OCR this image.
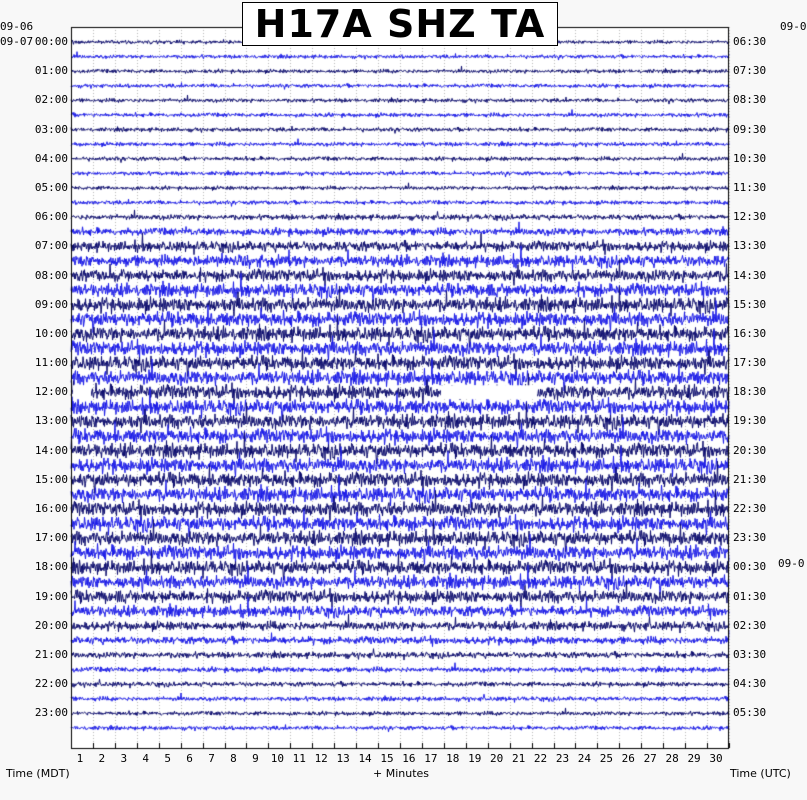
H17A SHZ TA
09-06
09-07
09-0
09-0
00:00
01:00
02:00
03:00
04:00
05:00
06:00
07:00
08:00
09:00
10:00
11:00
12:00
13:00
14:00
15:00
16:00
17:00
18:00
19:00
20:00
21:00
22:00
23:00
06:30
07:30
08:30
09:30
10:30
11:30
12:30
13:30
14:30
15:30
16:30
17:30
18:30
19:30
20:30
21:30
22:30
23:30
00:30
01:30
02:30
03:30
04:30
05:30
1 2 3 4 5 6 7 8 9 10 11 12 13 14 15 16 17 18 19 20 21 22 23 24 25 26 27 28 29 30
Time (MDT)	+ Minutes	Time (UTC)
